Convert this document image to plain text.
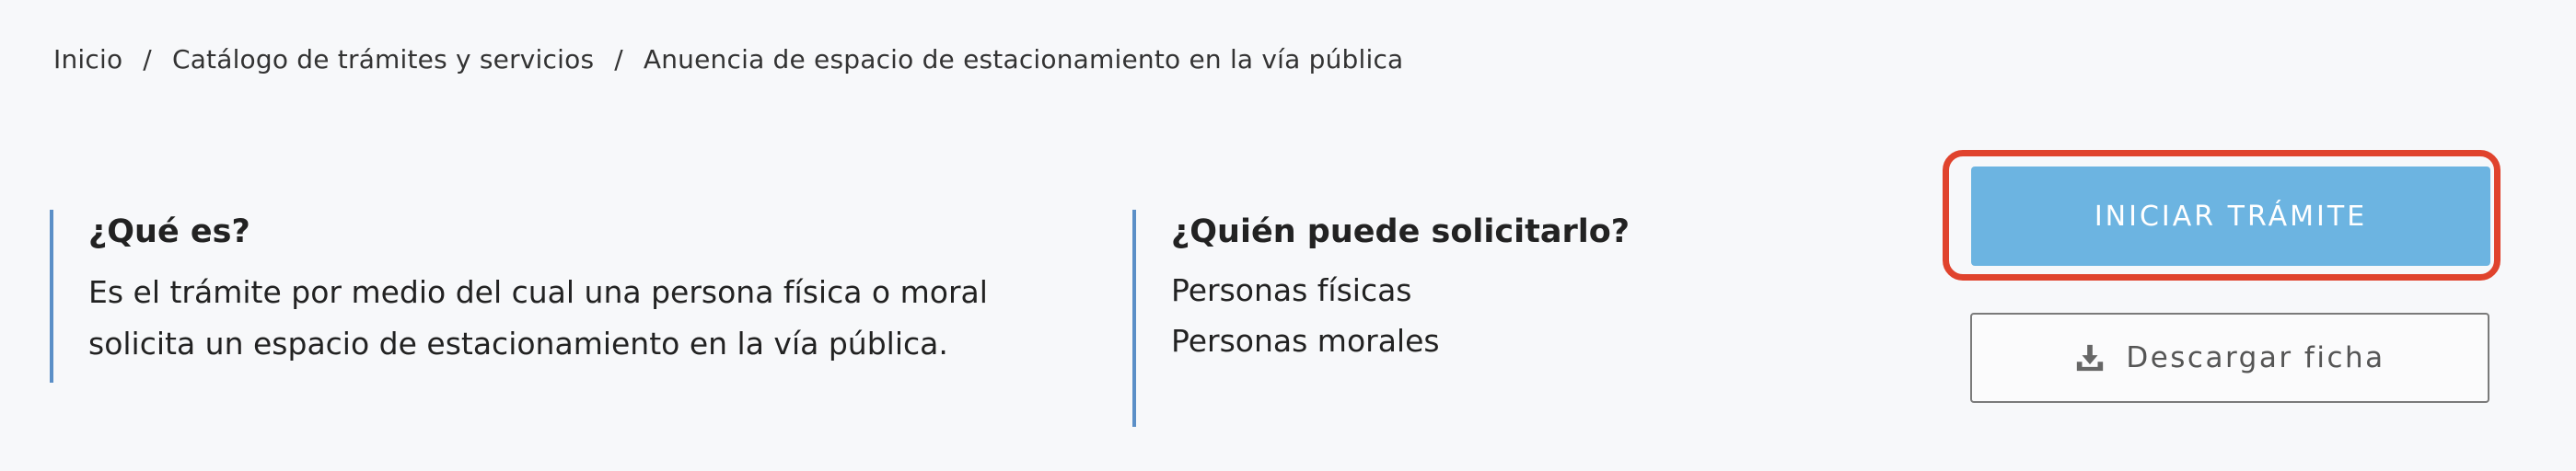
Inicio / Catálogo de trámites y servicios / Anuencia de espacio de estacionamiento en la vía pública
¿Qué es?

Es el trámite por medio del cual una persona física o moral
solicita un espacio de estacionamiento en la vía pública.

¿Quién puede solicitarlo?
Personas físicas
Personas morales
INICIAR TRÁMITE
Descargar ficha
